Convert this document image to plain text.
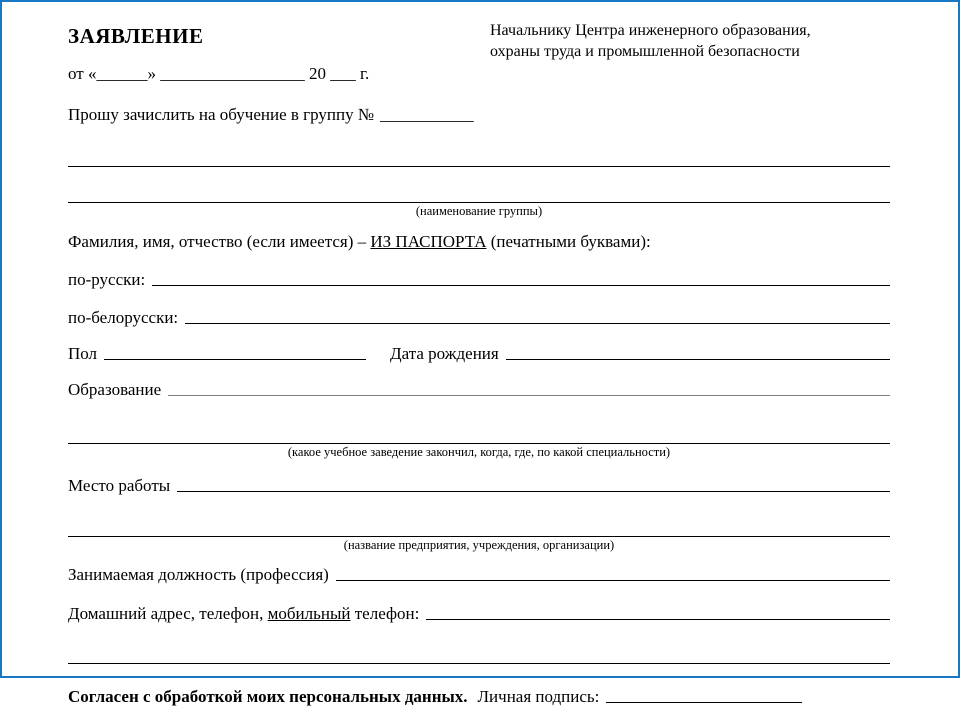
ЗАЯВЛЕНИЕ	Начальнику Центра инженерного образования,
охраны труда и промышленной безопасности
от «______» _________________ 20 ___ г.
Прошу зачислить на обучение в группу № ___________
(наименование группы)
Фамилия, имя, отчество (если имеется) – ИЗ ПАСПОРТА (печатными буквами):
по-русски:
по-белорусски:
Пол	Дата рождения
Образование
(какое учебное заведение закончил, когда, где, по какой специальности)
Место работы
(название предприятия, учреждения, организации)
Занимаемая должность (профессия)
Домашний адрес, телефон, мобильный телефон:
Согласен с обработкой моих персональных данных. Личная подпись:
